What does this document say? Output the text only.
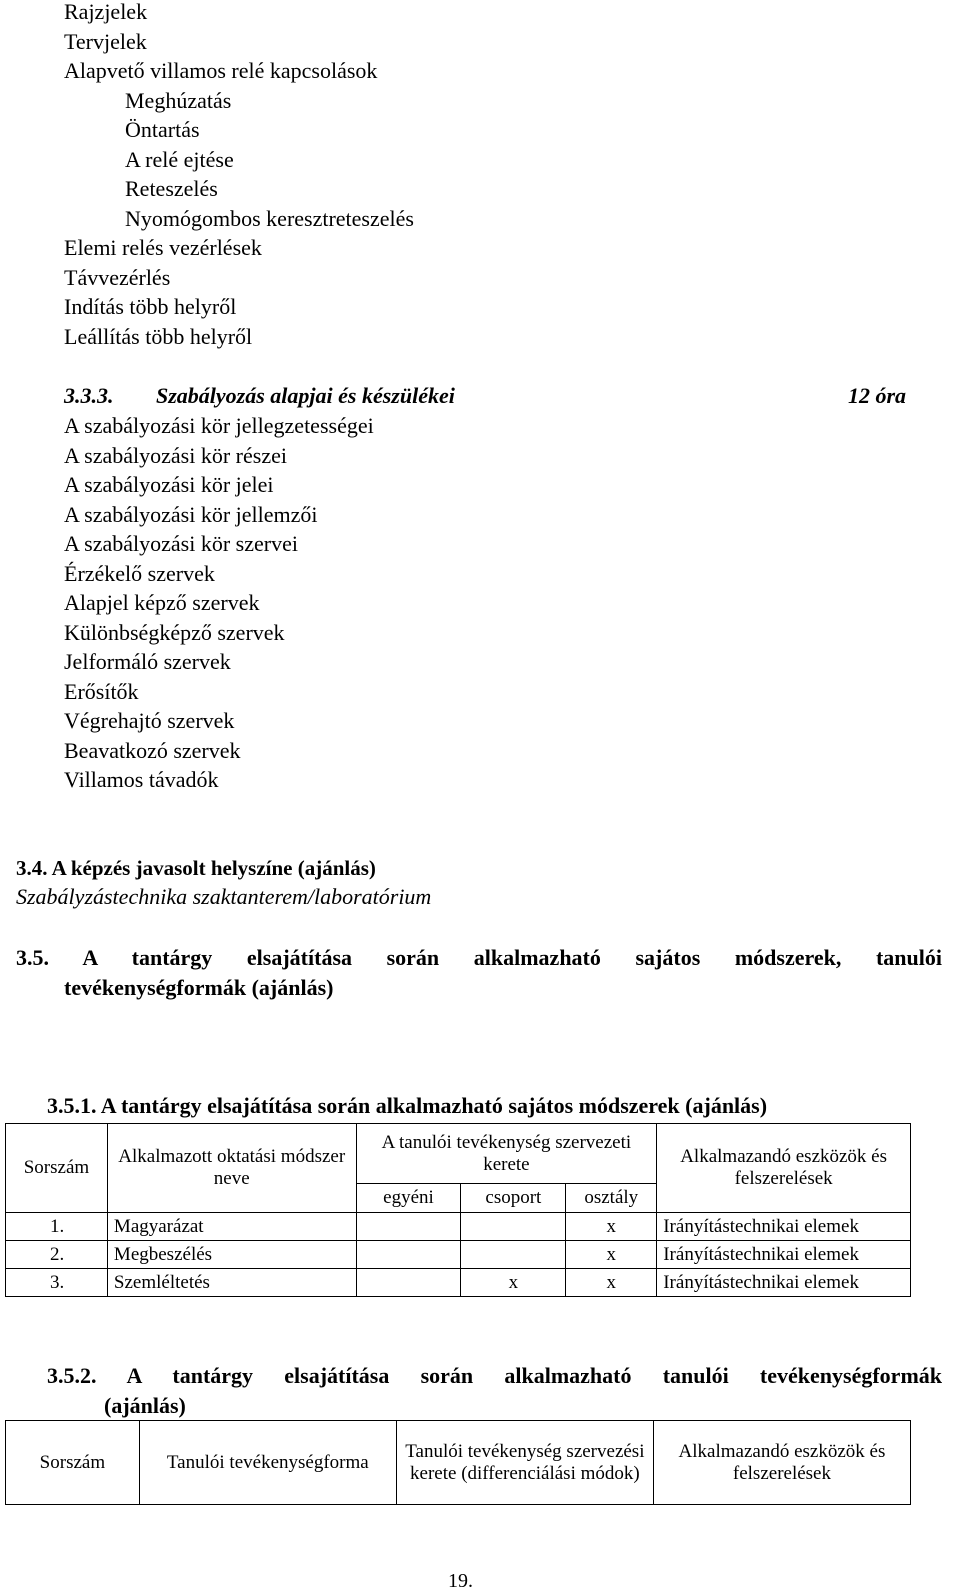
Rajzjelek
Tervjelek
Alapvető villamos relé kapcsolások
Meghúzatás
Öntartás
A relé ejtése
Reteszelés
Nyomógombos keresztreteszelés
Elemi relés vezérlések
Távvezérlés
Indítás több helyről
Leállítás több helyről
3.3.3. Szabályozás alapjai és készülékei	12 óra
A szabályozási kör jellegzetességei
A szabályozási kör részei
A szabályozási kör jelei
A szabályozási kör jellemzői
A szabályozási kör szervei
Érzékelő szervek
Alapjel képző szervek
Különbségképző szervek
Jelformáló szervek
Erősítők
Végrehajtó szervek
Beavatkozó szervek
Villamos távadók
3.4. A képzés javasolt helyszíne (ajánlás)
Szabályzástechnika szaktanterem/laboratórium
3.5. A tantárgy elsajátítása során alkalmazható sajátos módszerek, tanulói
tevékenységformák (ajánlás)
3.5.1. A tantárgy elsajátítása során alkalmazható sajátos módszerek (ajánlás)
Sorszám	Alkalmazott oktatási módszer neve	A tanulói tevékenység szervezeti kerete			Alkalmazandó eszközök és felszerelések
		egyéni	csoport	osztály	
1.	Magyarázat			x	Irányítástechnikai elemek
2.	Megbeszélés			x	Irányítástechnikai elemek
3.	Szemléltetés		x	x	Irányítástechnikai elemek
3.5.2. A tantárgy elsajátítása során alkalmazható tanulói tevékenységformák
(ajánlás)
Sorszám	Tanulói tevékenységforma	Tanulói tevékenység szervezési kerete (differenciálási módok)	Alkalmazandó eszközök és felszerelések
19.
